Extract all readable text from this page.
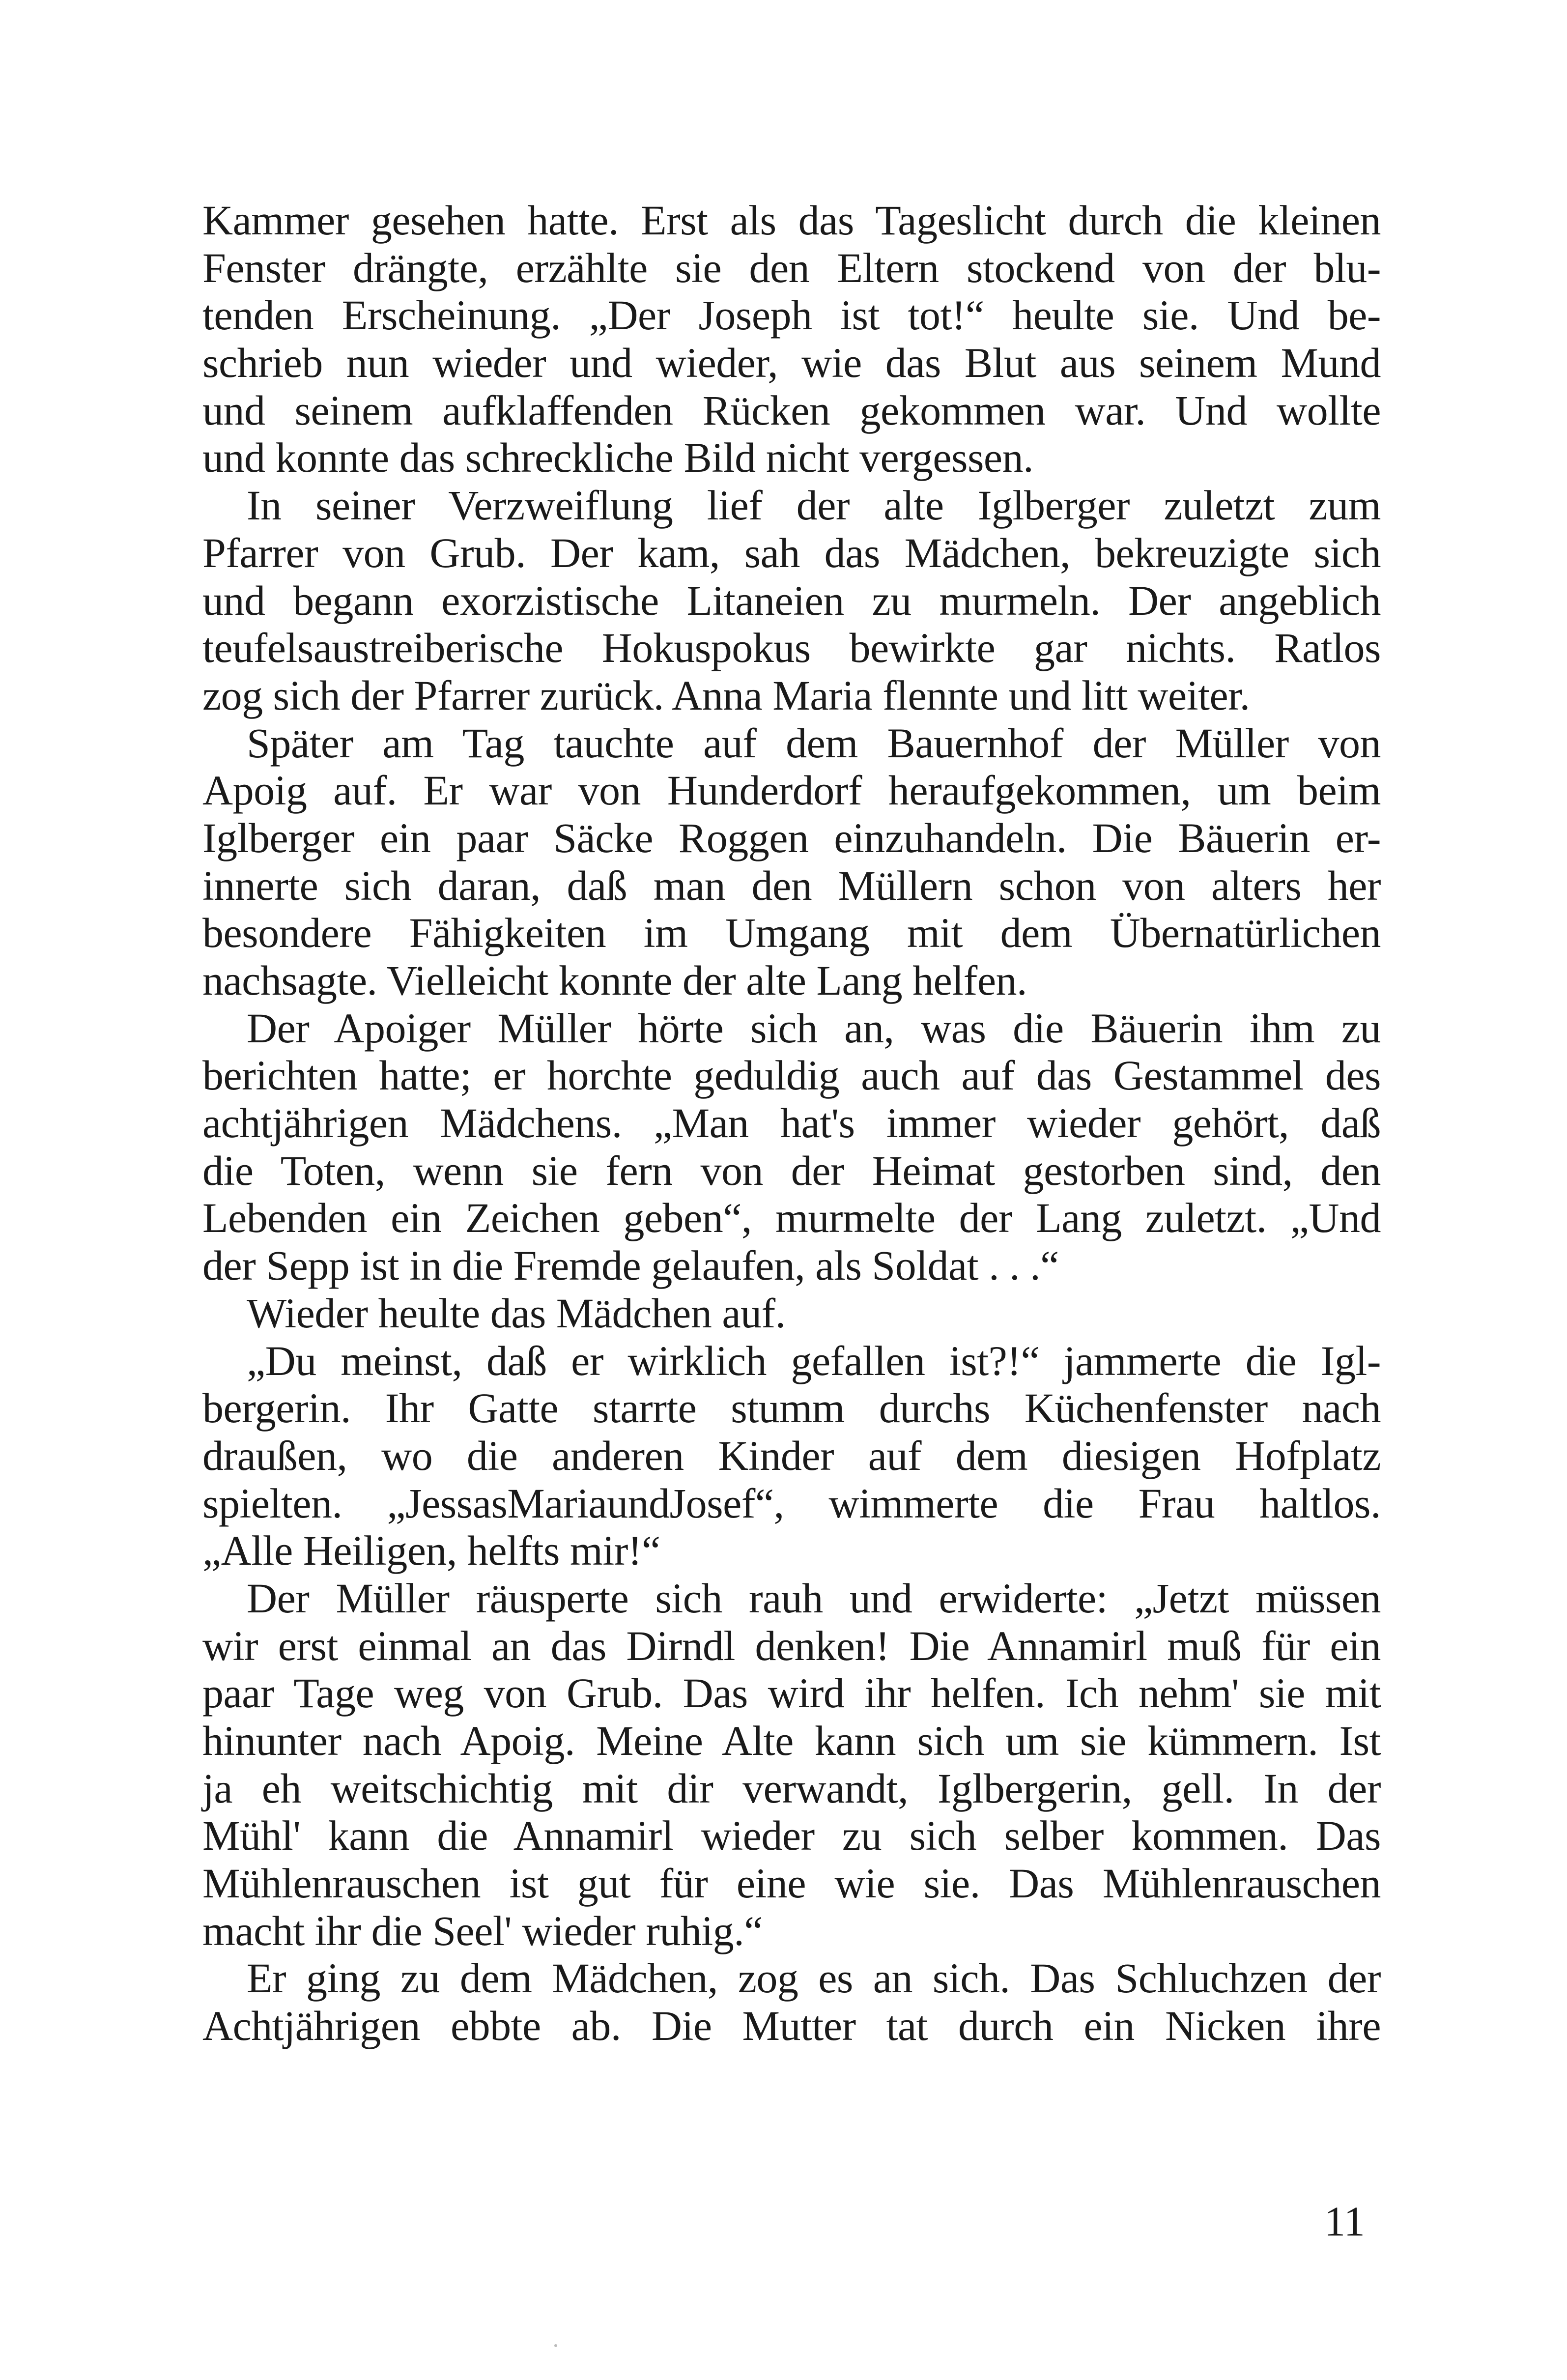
Kammer gesehen hatte. Erst als das Tageslicht durch die kleinen
Fenster drängte, erzählte sie den Eltern stockend von der blu-
tenden Erscheinung. „Der Joseph ist tot!“ heulte sie. Und be-
schrieb nun wieder und wieder, wie das Blut aus seinem Mund
und seinem aufklaffenden Rücken gekommen war. Und wollte
und konnte das schreckliche Bild nicht vergessen.
In seiner Verzweiflung lief der alte Iglberger zuletzt zum
Pfarrer von Grub. Der kam, sah das Mädchen, bekreuzigte sich
und begann exorzistische Litaneien zu murmeln. Der angeblich
teufelsaustreiberische Hokuspokus bewirkte gar nichts. Ratlos
zog sich der Pfarrer zurück. Anna Maria flennte und litt weiter.
Später am Tag tauchte auf dem Bauernhof der Müller von
Apoig auf. Er war von Hunderdorf heraufgekommen, um beim
Iglberger ein paar Säcke Roggen einzuhandeln. Die Bäuerin er-
innerte sich daran, daß man den Müllern schon von alters her
besondere Fähigkeiten im Umgang mit dem Übernatürlichen
nachsagte. Vielleicht konnte der alte Lang helfen.
Der Apoiger Müller hörte sich an, was die Bäuerin ihm zu
berichten hatte; er horchte geduldig auch auf das Gestammel des
achtjährigen Mädchens. „Man hat's immer wieder gehört, daß
die Toten, wenn sie fern von der Heimat gestorben sind, den
Lebenden ein Zeichen geben“, murmelte der Lang zuletzt. „Und
der Sepp ist in die Fremde gelaufen, als Soldat . . .“
Wieder heulte das Mädchen auf.
„Du meinst, daß er wirklich gefallen ist?!“ jammerte die Igl-
bergerin. Ihr Gatte starrte stumm durchs Küchenfenster nach
draußen, wo die anderen Kinder auf dem diesigen Hofplatz
spielten. „JessasMariaundJosef“, wimmerte die Frau haltlos.
„Alle Heiligen, helfts mir!“
Der Müller räusperte sich rauh und erwiderte: „Jetzt müssen
wir erst einmal an das Dirndl denken! Die Annamirl muß für ein
paar Tage weg von Grub. Das wird ihr helfen. Ich nehm' sie mit
hinunter nach Apoig. Meine Alte kann sich um sie kümmern. Ist
ja eh weitschichtig mit dir verwandt, Iglbergerin, gell. In der
Mühl' kann die Annamirl wieder zu sich selber kommen. Das
Mühlenrauschen ist gut für eine wie sie. Das Mühlenrauschen
macht ihr die Seel' wieder ruhig.“
Er ging zu dem Mädchen, zog es an sich. Das Schluchzen der
Achtjährigen ebbte ab. Die Mutter tat durch ein Nicken ihre
11
